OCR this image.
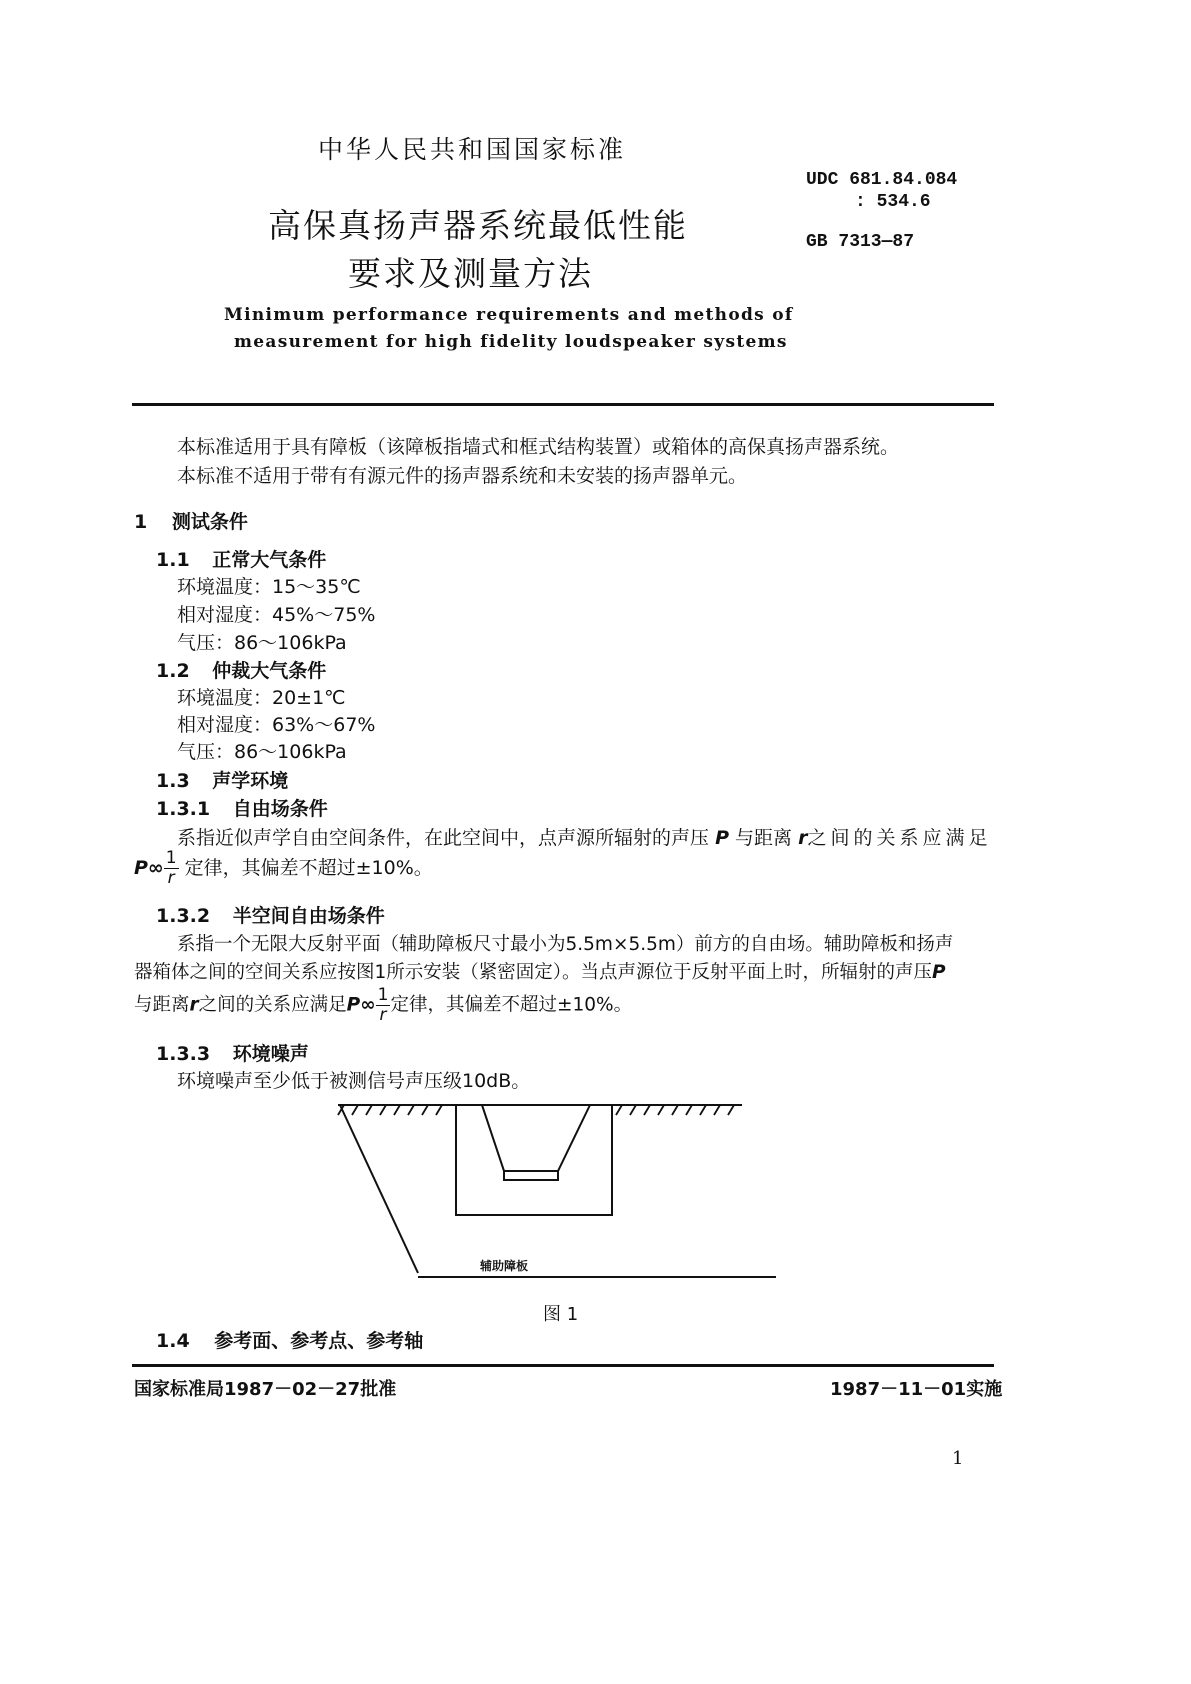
中华人民共和国国家标准
UDC 681.84.084
: 534.6
GB 7313—87
高保真扬声器系统最低性能
要求及测量方法
Minimum performance requirements and methods of
measurement for high fidelity loudspeaker systems
本标准适用于具有障板（该障板指墙式和框式结构装置）或箱体的高保真扬声器系统。
本标准不适用于带有有源元件的扬声器系统和未安装的扬声器单元。
1 测试条件
1.1 正常大气条件
环境温度：15～35℃
相对湿度：45%～75%
气压：86～106kPa
1.2 仲裁大气条件
环境温度：20±1℃
相对湿度：63%～67%
气压：86～106kPa
1.3 声学环境
1.3.1 自由场条件
系指近似声学自由空间条件，在此空间中，点声源所辐射的声压 P 与距离 r之间的关系应满足
$P\infty \frac{1}{r}$ 定律，其偏差不超过±10%。
1.3.2 半空间自由场条件
系指一个无限大反射平面（辅助障板尺寸最小为5.5m×5.5m）前方的自由场。辅助障板和扬声
器箱体之间的空间关系应按图1所示安装（紧密固定）。当点声源位于反射平面上时，所辐射的声压P
与距离r之间的关系应满足$P\infty \frac{1}{r}$ 定律，其偏差不超过±10%。
1.3.3 环境噪声
环境噪声至少低于被测信号声压级10dB。
辅助障板
图 1
1.4 参考面、参考点、参考轴
国家标准局1987－02－27批准	1987－11－01实施
1
